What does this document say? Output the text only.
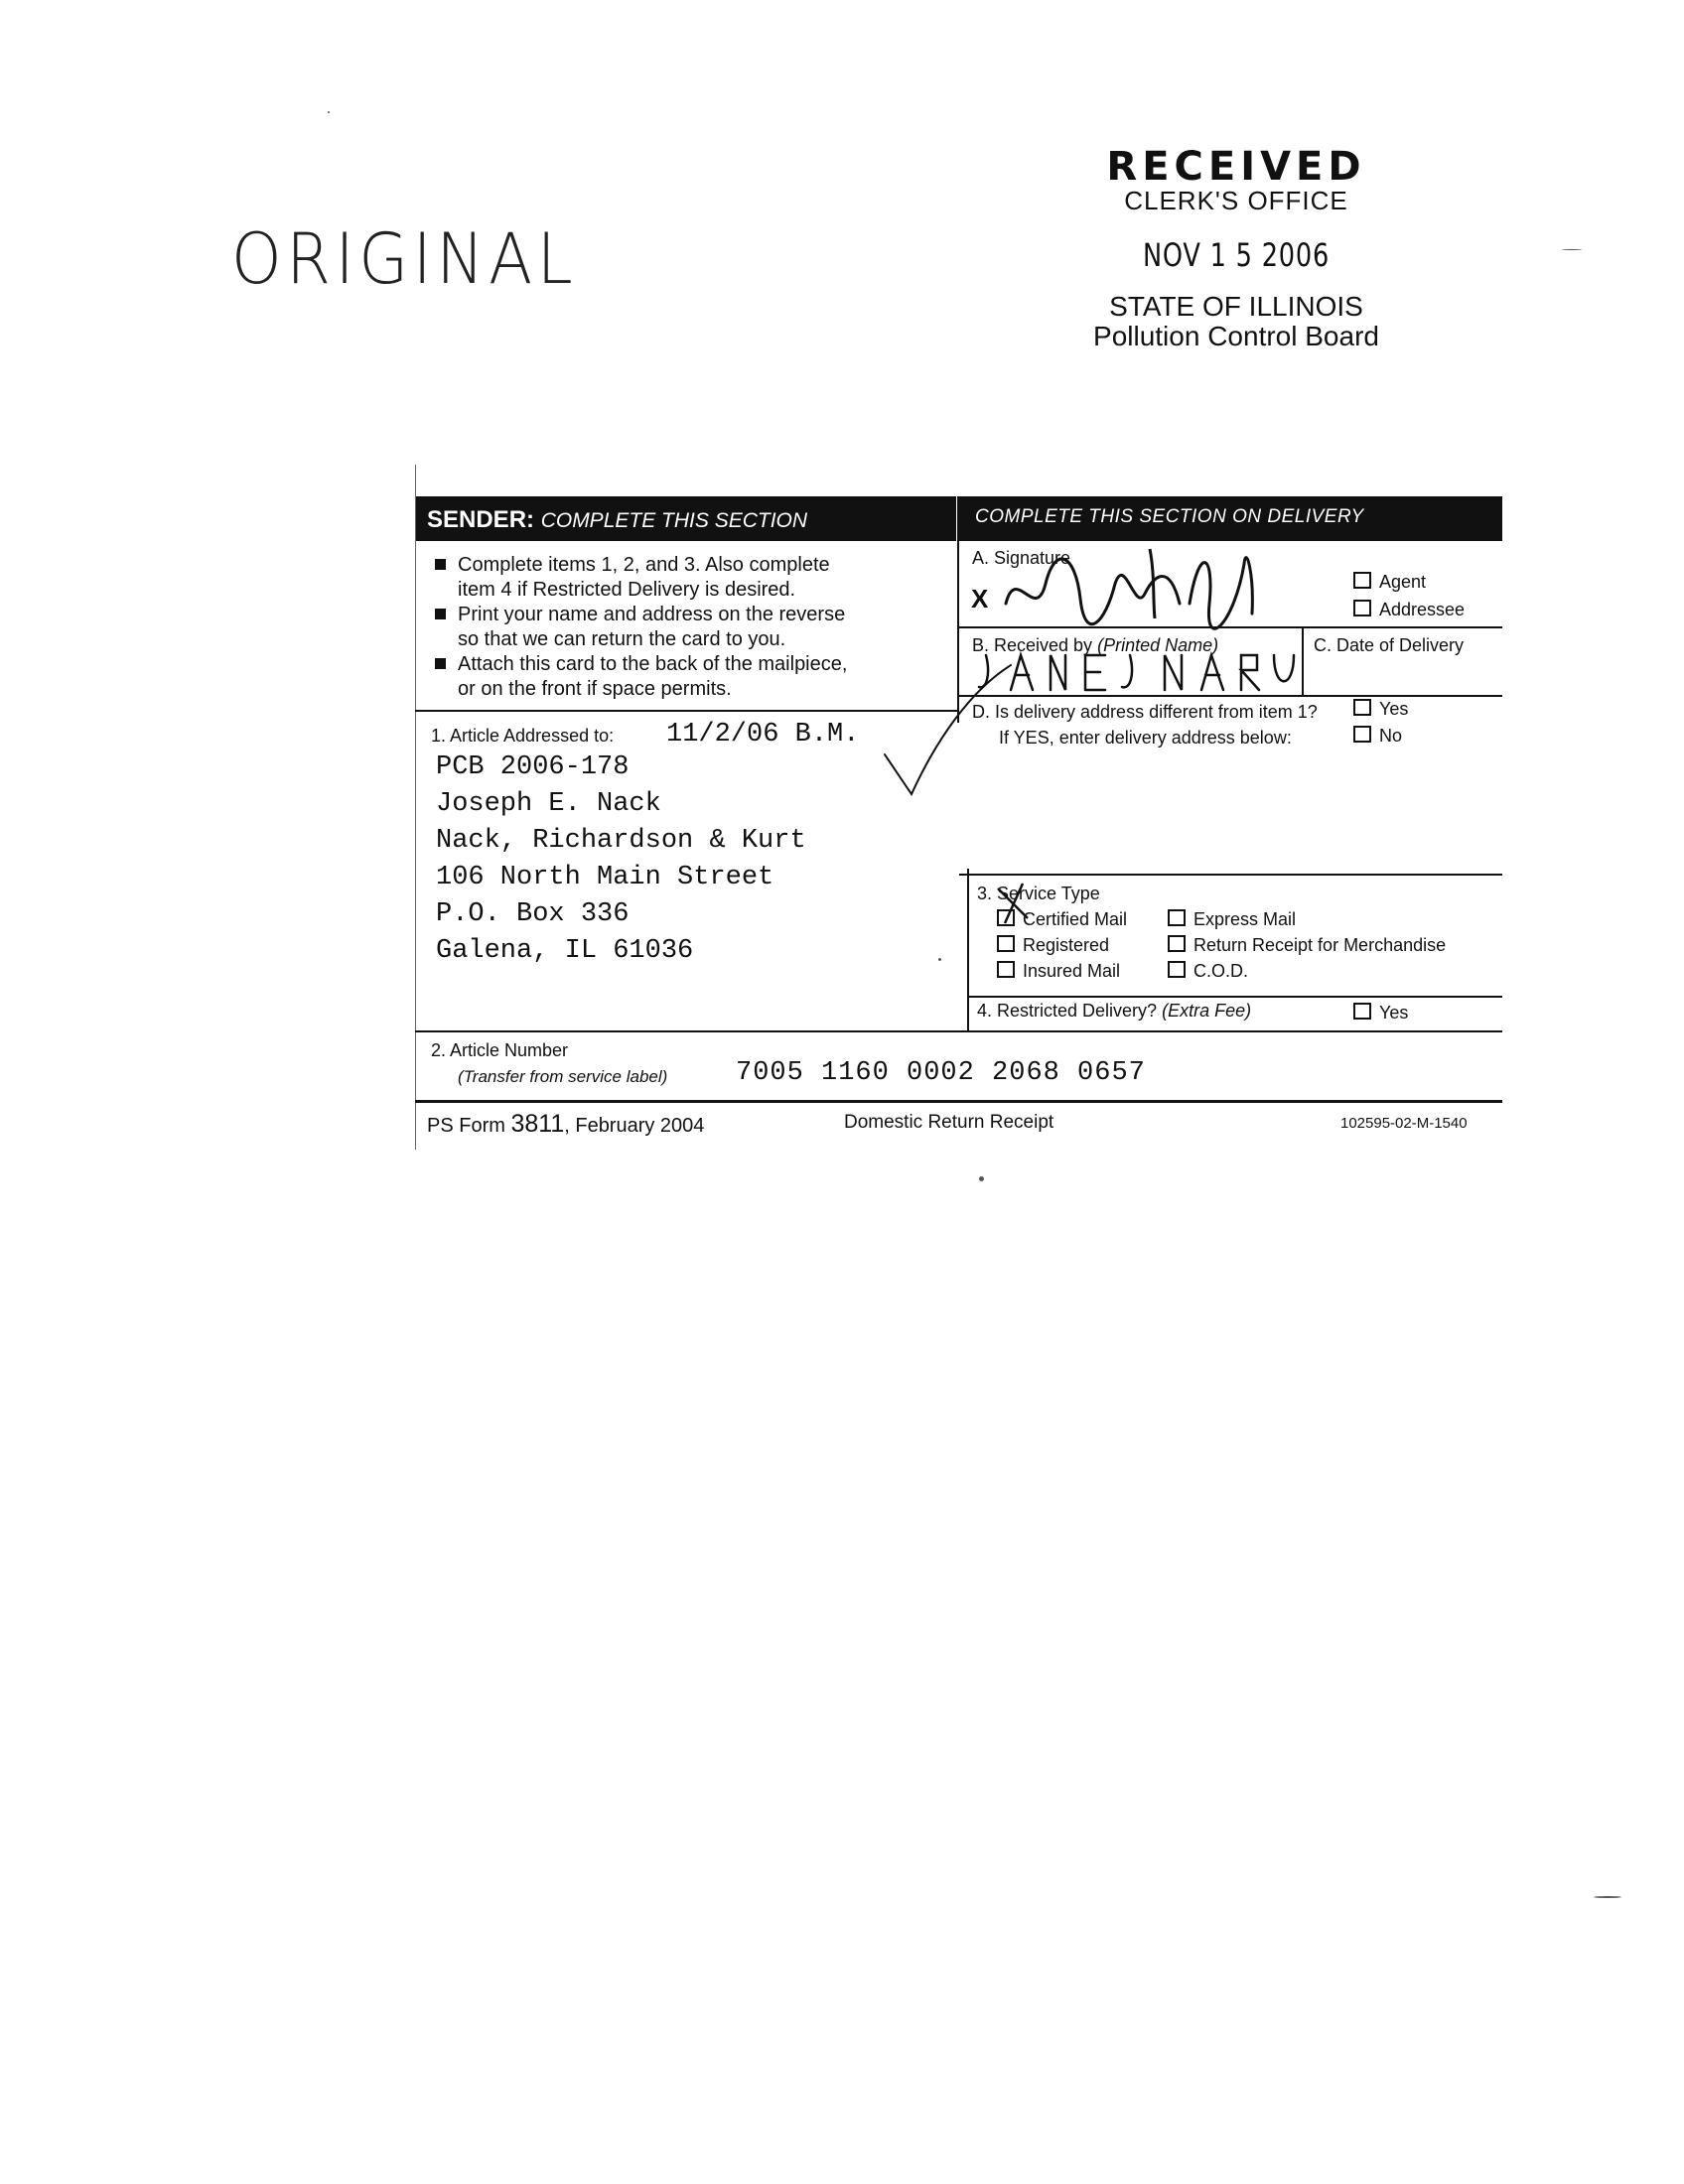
ORIGINAL
RECEIVED
CLERK'S OFFICE
NOV 1 5 2006
STATE OF ILLINOIS
Pollution Control Board
SENDER: COMPLETE THIS SECTION	COMPLETE THIS SECTION ON DELIVERY
Complete items 1, 2, and 3. Also complete
item 4 if Restricted Delivery is desired.
Print your name and address on the reverse
so that we can return the card to you.
Attach this card to the back of the mailpiece,
or on the front if space permits.
1. Article Addressed to: 11/2/06 B.M.
PCB 2006-178
Joseph E. Nack
Nack, Richardson & Kurt
106 North Main Street
P.O. Box 336
Galena, IL 61036
A. Signature
X
Agent
Addressee
B. Received by (Printed Name)	C. Date of Delivery
D. Is delivery address different from item 1?	Yes
If YES, enter delivery address below:	No
3. Service Type
Certified Mail	Express Mail
Registered	Return Receipt for Merchandise
Insured Mail	C.O.D.
4. Restricted Delivery? (Extra Fee)	Yes
2. Article Number
(Transfer from service label)	7005 1160 0002 2068 0657
PS Form 3811, February 2004	Domestic Return Receipt	102595-02-M-1540
